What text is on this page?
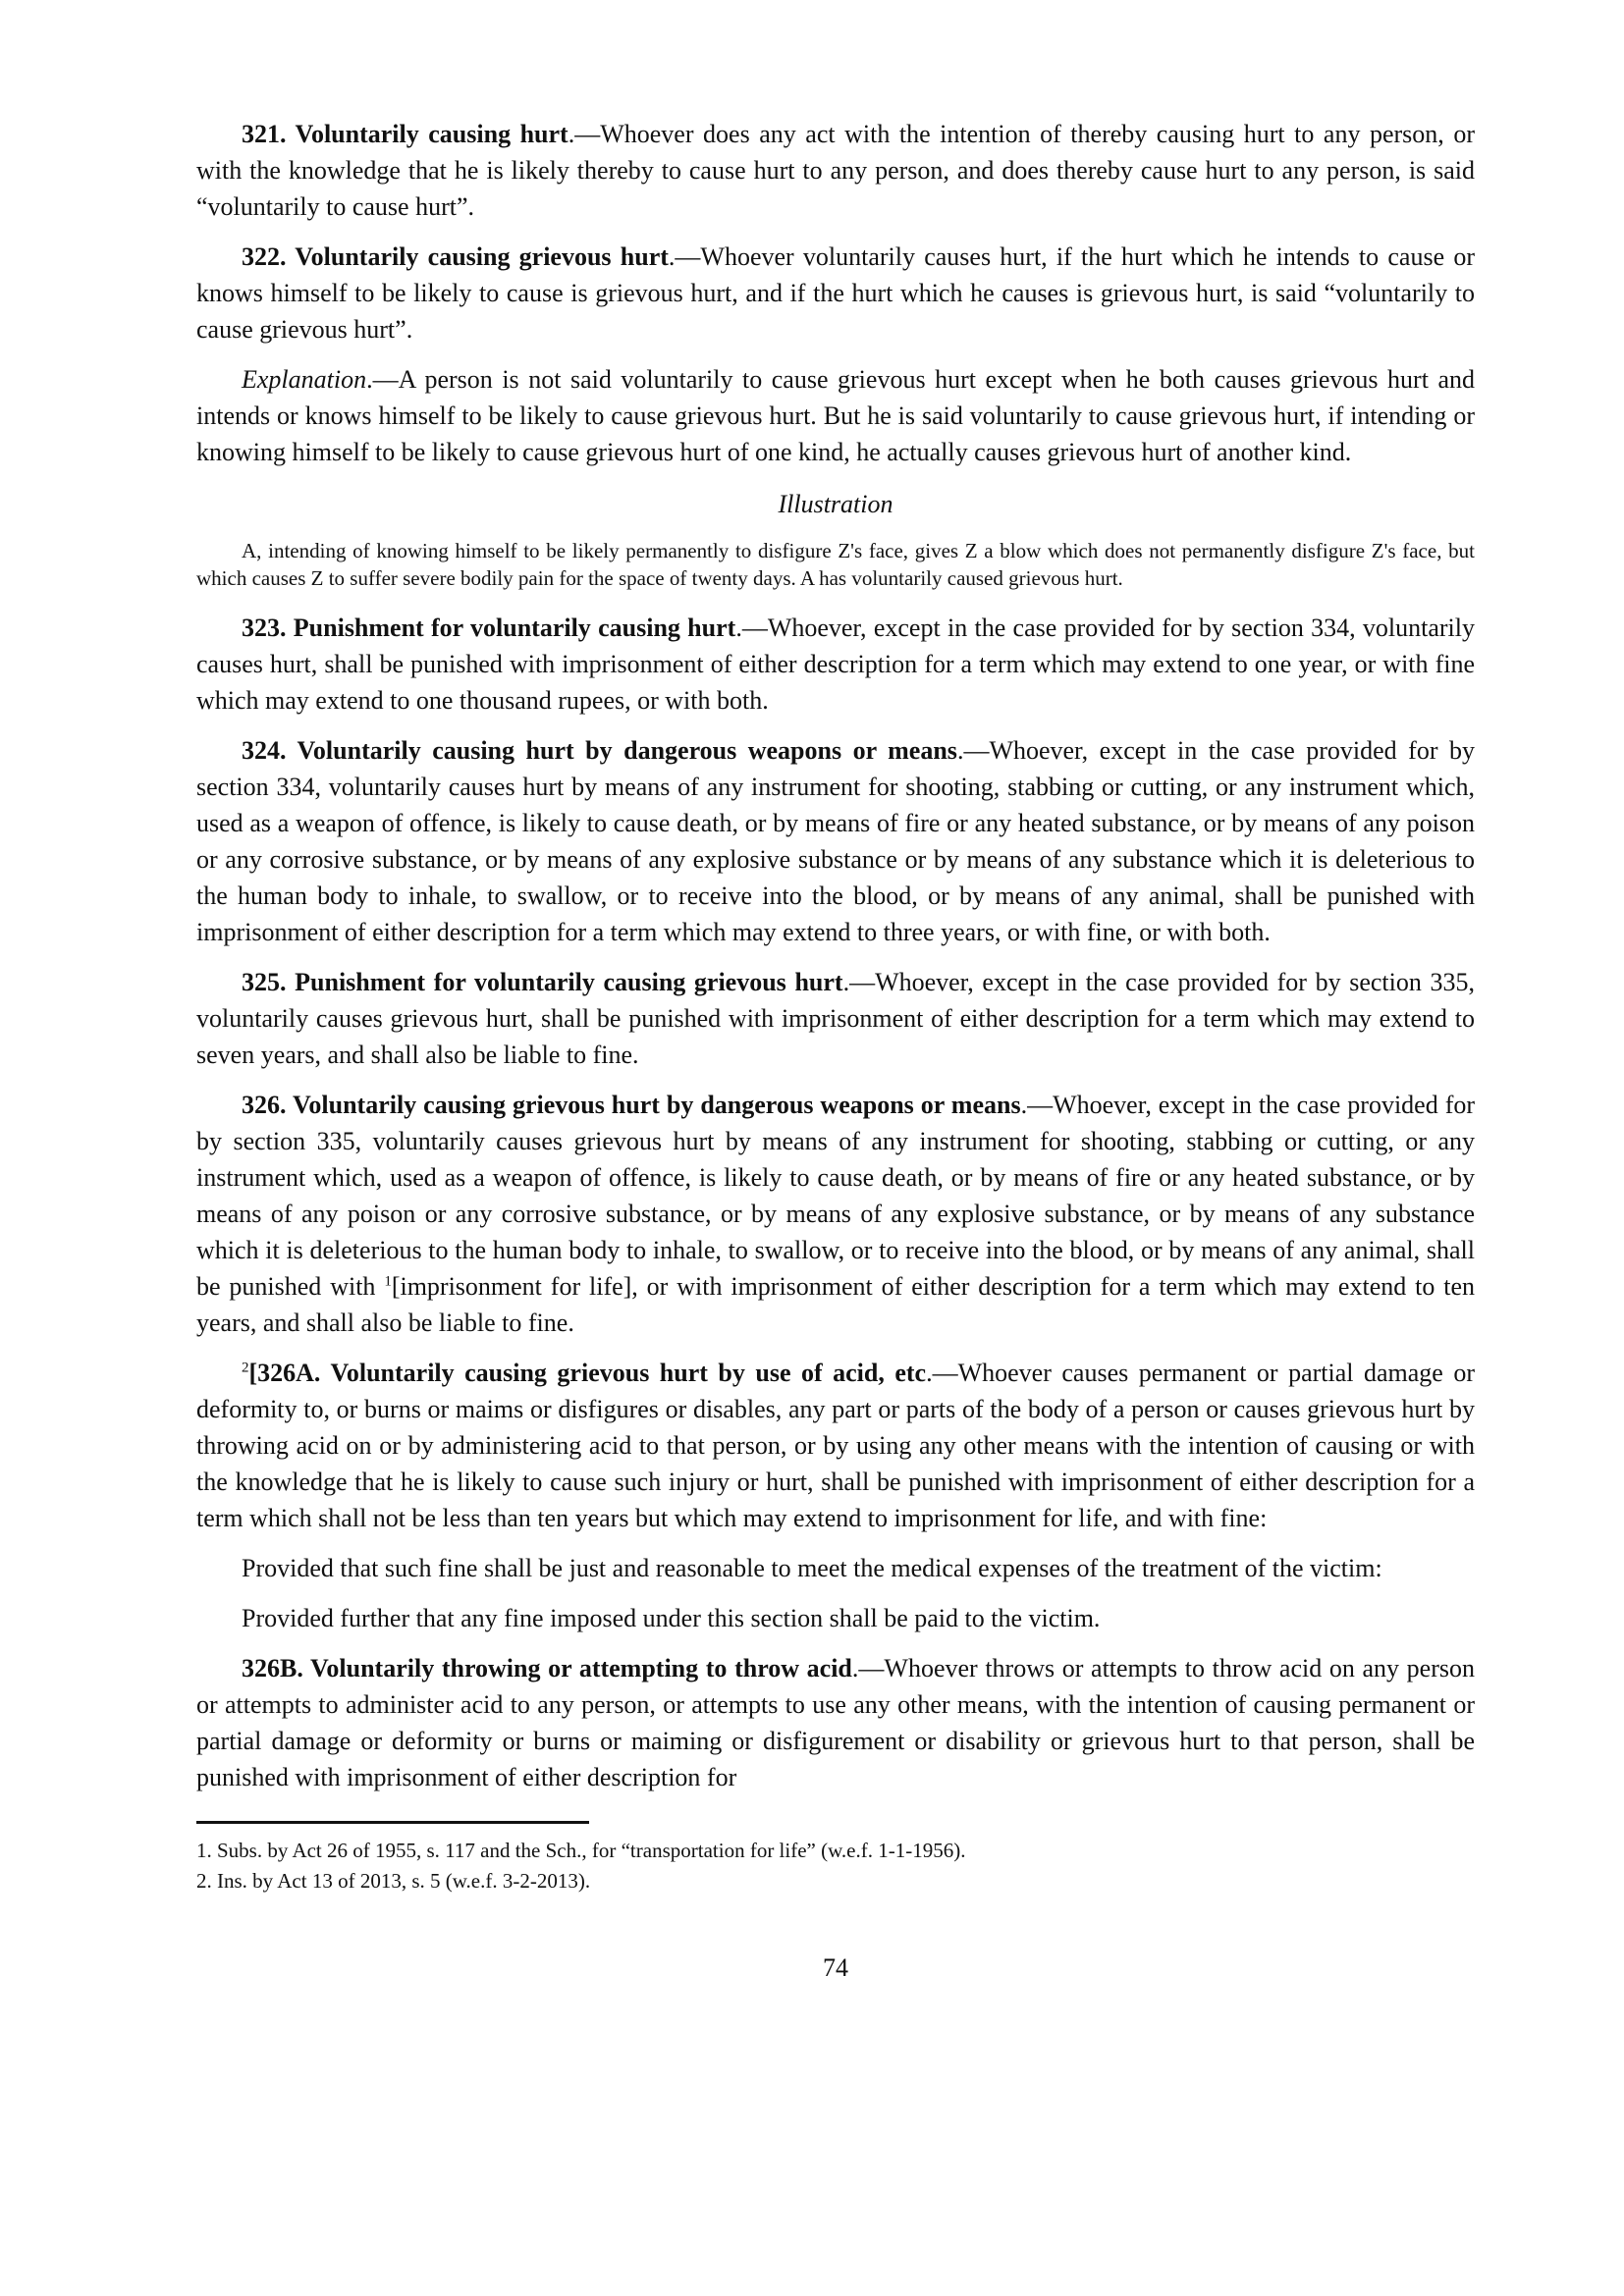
321. Voluntarily causing hurt.—Whoever does any act with the intention of thereby causing hurt to any person, or with the knowledge that he is likely thereby to cause hurt to any person, and does thereby cause hurt to any person, is said “voluntarily to cause hurt”.

322. Voluntarily causing grievous hurt.—Whoever voluntarily causes hurt, if the hurt which he intends to cause or knows himself to be likely to cause is grievous hurt, and if the hurt which he causes is grievous hurt, is said “voluntarily to cause grievous hurt”.

Explanation.—A person is not said voluntarily to cause grievous hurt except when he both causes grievous hurt and intends or knows himself to be likely to cause grievous hurt. But he is said voluntarily to cause grievous hurt, if intending or knowing himself to be likely to cause grievous hurt of one kind, he actually causes grievous hurt of another kind.

Illustration

A, intending of knowing himself to be likely permanently to disfigure Z's face, gives Z a blow which does not permanently disfigure Z's face, but which causes Z to suffer severe bodily pain for the space of twenty days. A has voluntarily caused grievous hurt.

323. Punishment for voluntarily causing hurt.—Whoever, except in the case provided for by section 334, voluntarily causes hurt, shall be punished with imprisonment of either description for a term which may extend to one year, or with fine which may extend to one thousand rupees, or with both.

324. Voluntarily causing hurt by dangerous weapons or means.—Whoever, except in the case provided for by section 334, voluntarily causes hurt by means of any instrument for shooting, stabbing or cutting, or any instrument which, used as a weapon of offence, is likely to cause death, or by means of fire or any heated substance, or by means of any poison or any corrosive substance, or by means of any explosive substance or by means of any substance which it is deleterious to the human body to inhale, to swallow, or to receive into the blood, or by means of any animal, shall be punished with imprisonment of either description for a term which may extend to three years, or with fine, or with both.

325. Punishment for voluntarily causing grievous hurt.—Whoever, except in the case provided for by section 335, voluntarily causes grievous hurt, shall be punished with imprisonment of either description for a term which may extend to seven years, and shall also be liable to fine.

326. Voluntarily causing grievous hurt by dangerous weapons or means.—Whoever, except in the case provided for by section 335, voluntarily causes grievous hurt by means of any instrument for shooting, stabbing or cutting, or any instrument which, used as a weapon of offence, is likely to cause death, or by means of fire or any heated substance, or by means of any poison or any corrosive substance, or by means of any explosive substance, or by means of any substance which it is deleterious to the human body to inhale, to swallow, or to receive into the blood, or by means of any animal, shall be punished with $^1$[imprisonment for life], or with imprisonment of either description for a term which may extend to ten years, and shall also be liable to fine.

$^2$[326A. Voluntarily causing grievous hurt by use of acid, etc.—Whoever causes permanent or partial damage or deformity to, or burns or maims or disfigures or disables, any part or parts of the body of a person or causes grievous hurt by throwing acid on or by administering acid to that person, or by using any other means with the intention of causing or with the knowledge that he is likely to cause such injury or hurt, shall be punished with imprisonment of either description for a term which shall not be less than ten years but which may extend to imprisonment for life, and with fine:

Provided that such fine shall be just and reasonable to meet the medical expenses of the treatment of the victim:

Provided further that any fine imposed under this section shall be paid to the victim.

326B. Voluntarily throwing or attempting to throw acid.—Whoever throws or attempts to throw acid on any person or attempts to administer acid to any person, or attempts to use any other means, with the intention of causing permanent or partial damage or deformity or burns or maiming or disfigurement or disability or grievous hurt to that person, shall be punished with imprisonment of either description for

1. Subs. by Act 26 of 1955, s. 117 and the Sch., for “transportation for life” (w.e.f. 1-1-1956).
2. Ins. by Act 13 of 2013, s. 5 (w.e.f. 3-2-2013).
74
